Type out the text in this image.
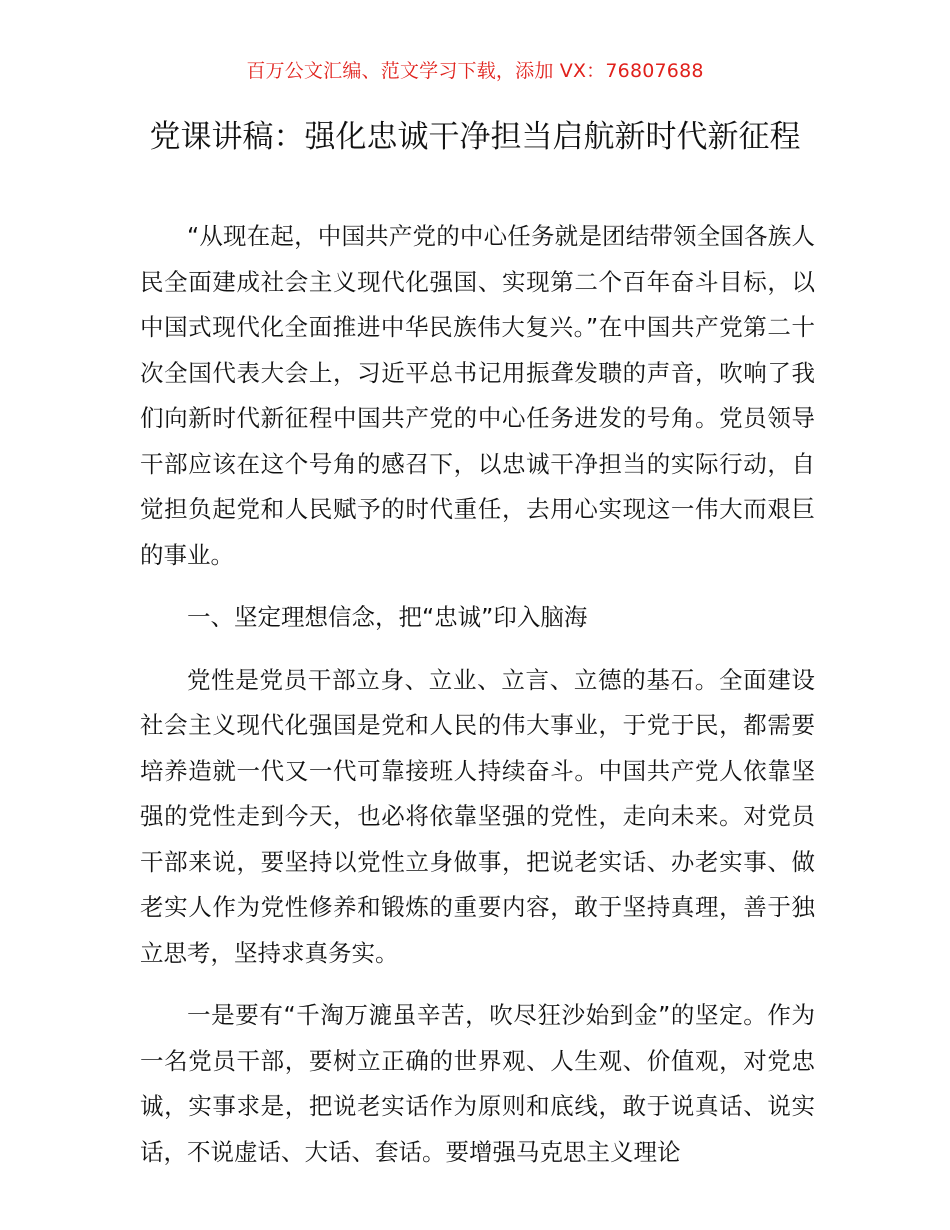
百万公文汇编、范文学习下载，添加 VX：76807688
党课讲稿：强化忠诚干净担当启航新时代新征程

“从现在起，中国共产党的中心任务就是团结带领全国各族人民全面建成社会主义现代化强国、实现第二个百年奋斗目标，以中国式现代化全面推进中华民族伟大复兴。”在中国共产党第二十次全国代表大会上，习近平总书记用振聋发聩的声音，吹响了我们向新时代新征程中国共产党的中心任务进发的号角。党员领导干部应该在这个号角的感召下，以忠诚干净担当的实际行动，自觉担负起党和人民赋予的时代重任，去用心实现这一伟大而艰巨的事业。

一、坚定理想信念，把“忠诚”印入脑海

党性是党员干部立身、立业、立言、立德的基石。全面建设社会主义现代化强国是党和人民的伟大事业，于党于民，都需要培养造就一代又一代可靠接班人持续奋斗。中国共产党人依靠坚强的党性走到今天，也必将依靠坚强的党性，走向未来。对党员干部来说，要坚持以党性立身做事，把说老实话、办老实事、做老实人作为党性修养和锻炼的重要内容，敢于坚持真理，善于独立思考，坚持求真务实。

一是要有“千淘万漉虽辛苦，吹尽狂沙始到金”的坚定。作为一名党员干部，要树立正确的世界观、人生观、价值观，对党忠诚，实事求是，把说老实话作为原则和底线，敢于说真话、说实话，不说虚话、大话、套话。要增强马克思主义理论
